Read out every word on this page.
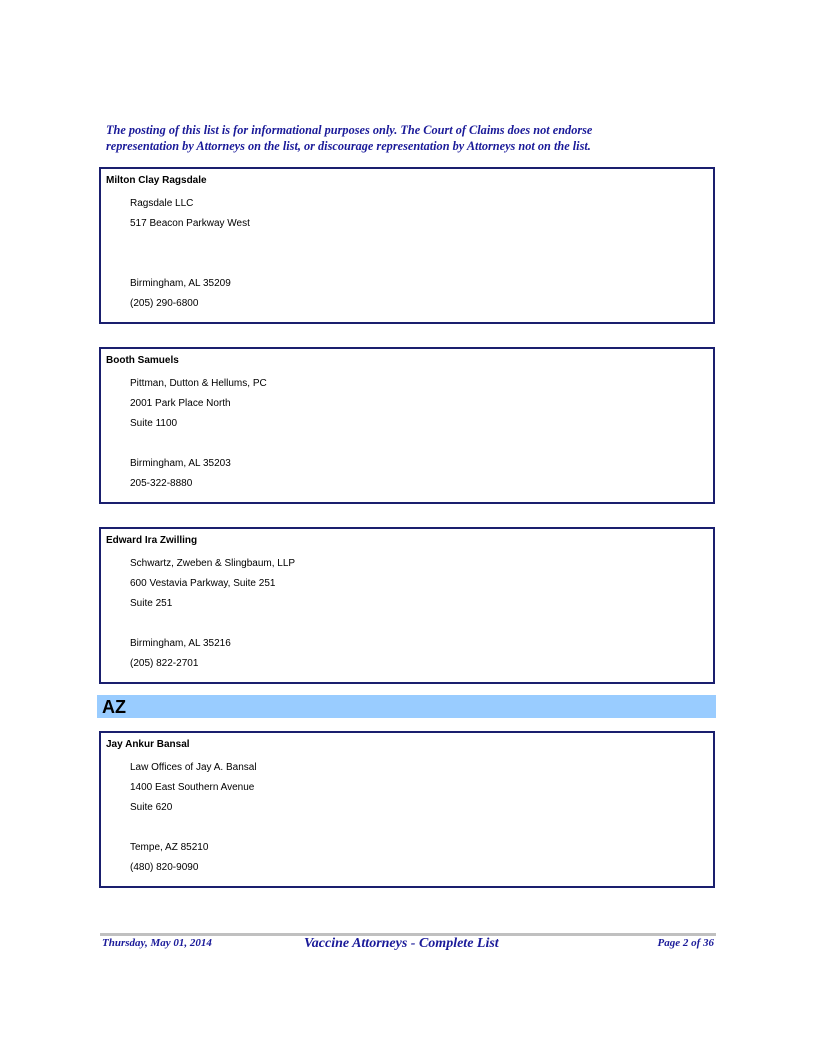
The posting of this list is for informational purposes only. The Court of Claims does not endorse
representation by Attorneys on the list, or discourage representation by Attorneys not on the list.
Milton Clay Ragsdale
Ragsdale LLC
517 Beacon Parkway West
Birmingham, AL 35209
(205) 290-6800
Booth Samuels
Pittman, Dutton & Hellums, PC
2001 Park Place North
Suite 1100
Birmingham, AL 35203
205-322-8880
Edward Ira Zwilling
Schwartz, Zweben & Slingbaum, LLP
600 Vestavia Parkway, Suite 251
Suite 251
Birmingham, AL 35216
(205) 822-2701
AZ
Jay Ankur Bansal
Law Offices of Jay A. Bansal
1400 East Southern Avenue
Suite 620
Tempe, AZ 85210
(480) 820-9090
Thursday, May 01, 2014	Vaccine Attorneys - Complete List	Page 2 of 36
